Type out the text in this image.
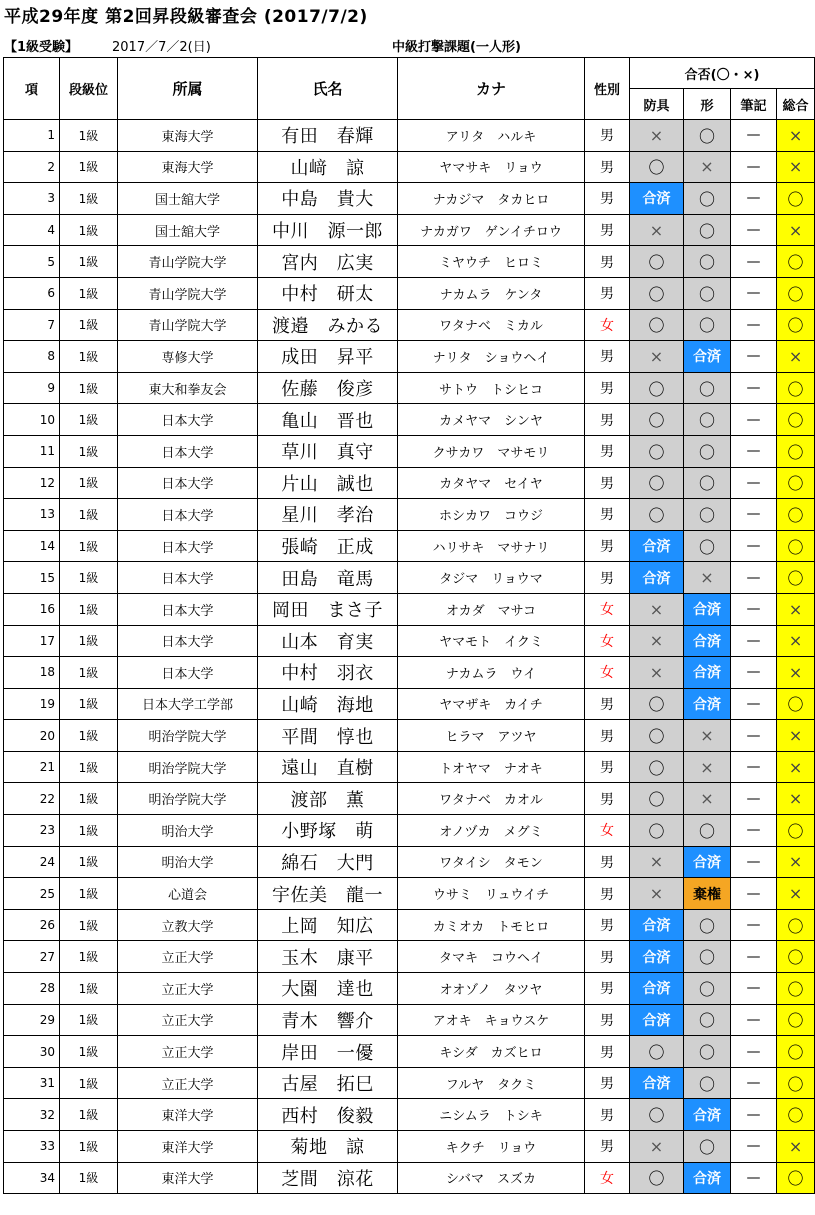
平成29年度 第2回昇段級審査会 (2017/7/2)
【1級受験】	2017／7／2(日)	中級打撃課題(一人形)
項	段級位	所属	氏名	カナ	性別	合否(〇・×)			
						防具	形	筆記	総合
1	1級	東海大学	有田　春輝	アリタ　ハルキ	男	×	〇	—	×
2	1級	東海大学	山﨑　諒	ヤマサキ　リョウ	男	〇	×	—	×
3	1級	国士舘大学	中島　貴大	ナカジマ　タカヒロ	男	合済	〇	—	〇
4	1級	国士舘大学	中川　源一郎	ナカガワ　ゲンイチロウ	男	×	〇	—	×
5	1級	青山学院大学	宮内　広実	ミヤウチ　ヒロミ	男	〇	〇	—	〇
6	1級	青山学院大学	中村　研太	ナカムラ　ケンタ	男	〇	〇	—	〇
7	1級	青山学院大学	渡邉　みかる	ワタナベ　ミカル	女	〇	〇	—	〇
8	1級	専修大学	成田　昇平	ナリタ　ショウヘイ	男	×	合済	—	×
9	1級	東大和拳友会	佐藤　俊彦	サトウ　トシヒコ	男	〇	〇	—	〇
10	1級	日本大学	亀山　晋也	カメヤマ　シンヤ	男	〇	〇	—	〇
11	1級	日本大学	草川　真守	クサカワ　マサモリ	男	〇	〇	—	〇
12	1級	日本大学	片山　誠也	カタヤマ　セイヤ	男	〇	〇	—	〇
13	1級	日本大学	星川　孝治	ホシカワ　コウジ	男	〇	〇	—	〇
14	1級	日本大学	張崎　正成	ハリサキ　マサナリ	男	合済	〇	—	〇
15	1級	日本大学	田島　竜馬	タジマ　リョウマ	男	合済	×	—	〇
16	1級	日本大学	岡田　まさ子	オカダ　マサコ	女	×	合済	—	×
17	1級	日本大学	山本　育実	ヤマモト　イクミ	女	×	合済	—	×
18	1級	日本大学	中村　羽衣	ナカムラ　ウイ	女	×	合済	—	×
19	1級	日本大学工学部	山崎　海地	ヤマザキ　カイチ	男	〇	合済	—	〇
20	1級	明治学院大学	平間　惇也	ヒラマ　アツヤ	男	〇	×	—	×
21	1級	明治学院大学	遠山　直樹	トオヤマ　ナオキ	男	〇	×	—	×
22	1級	明治学院大学	渡部　薫	ワタナベ　カオル	男	〇	×	—	×
23	1級	明治大学	小野塚　萌	オノヅカ　メグミ	女	〇	〇	—	〇
24	1級	明治大学	綿石　大門	ワタイシ　タモン	男	×	合済	—	×
25	1級	心道会	宇佐美　龍一	ウサミ　リュウイチ	男	×	棄権	—	×
26	1級	立教大学	上岡　知広	カミオカ　トモヒロ	男	合済	〇	—	〇
27	1級	立正大学	玉木　康平	タマキ　コウヘイ	男	合済	〇	—	〇
28	1級	立正大学	大園　達也	オオゾノ　タツヤ	男	合済	〇	—	〇
29	1級	立正大学	青木　響介	アオキ　キョウスケ	男	合済	〇	—	〇
30	1級	立正大学	岸田　一優	キシダ　カズヒロ	男	〇	〇	—	〇
31	1級	立正大学	古屋　拓巳	フルヤ　タクミ	男	合済	〇	—	〇
32	1級	東洋大学	西村　俊毅	ニシムラ　トシキ	男	〇	合済	—	〇
33	1級	東洋大学	菊地　諒	キクチ　リョウ	男	×	〇	—	×
34	1級	東洋大学	芝間　涼花	シバマ　スズカ	女	〇	合済	—	〇
